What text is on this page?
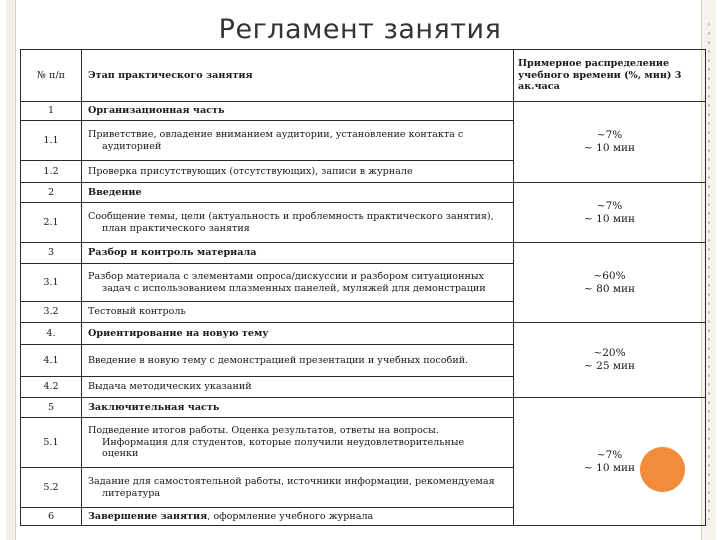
Регламент занятия
№ п/п	Этап практического занятия	Примерное распределение учебного времени (%, мин) 3 ак.часа

1	Организационная часть	~7%
~ 10 мин

1.1	Приветствие, овладение вниманием аудитории, установление контакта с
аудиторией	

1.2	Проверка присутствующих (отсутствующих), записи в журнале	
2	Введение	~7%
~ 10 мин

2.1	Сообщение темы, цели (актуальность и проблемность практического занятия),
план практического занятия	

3	Разбор и контроль материала	~60%
~ 80 мин

3.1	Разбор материала с элементами опроса/дискуссии и разбором ситуационных
задач с использованием плазменных панелей, муляжей для демонстрации	

3.2	Тестовый контроль	
4.	Ориентирование на новую тему	~20%
~ 25 мин

4.1	Введение в новую тему с демонстрацией презентации и учебных пособий.	
4.2	Выдача методических указаний	
5	Заключительная часть	~7%
~ 10 мин

5.1	Подведение итогов работы. Оценка результатов, ответы на вопросы.
Информация для студентов, которые получили неудовлетворительные
оценки	

5.2	Задание для самостоятельной работы, источники информации, рекомендуемая
литература	

6	Завершение занятия, оформление учебного журнала	
